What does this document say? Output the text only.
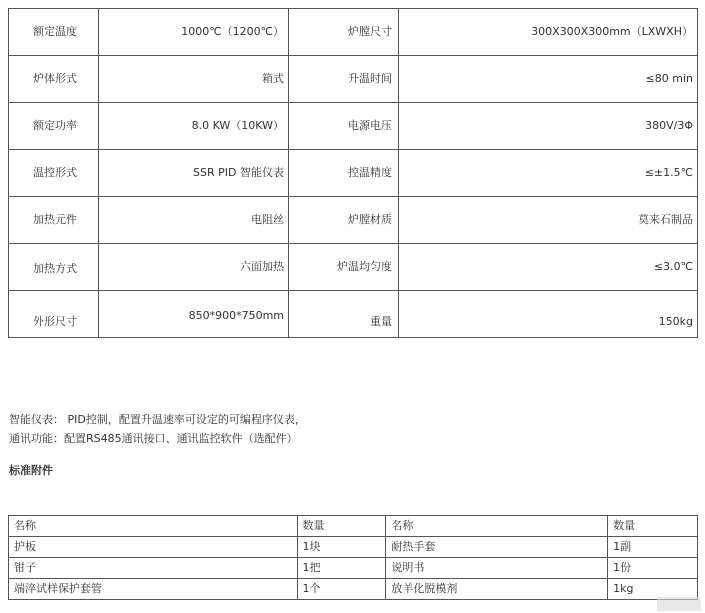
额定温度	1000℃（1200℃）	炉膛尺寸	300X300X300mm（LXWXH）
炉体形式	箱式	升温时间	≤80 min
额定功率	8.0 KW（10KW）	电源电压	380V/3Φ
温控形式	SSR PID 智能仪表	控温精度	≤±1.5℃
加热元件	电阻丝	炉膛材质	莫来石制品
加热方式	六面加热	炉温均匀度	≤3.0℃
外形尺寸	850*900*750mm	重量	150kg
智能仪表： PID控制，配置升温速率可设定的可编程序仪表，
通讯功能：配置RS485通讯接口、通讯监控软件（选配件）
标准附件
名称	数量	名称	数量
护板	1块	耐热手套	1副
钳子	1把	说明书	1份
端淬试样保护套管	1个	放羊化脱模剂	1kg
